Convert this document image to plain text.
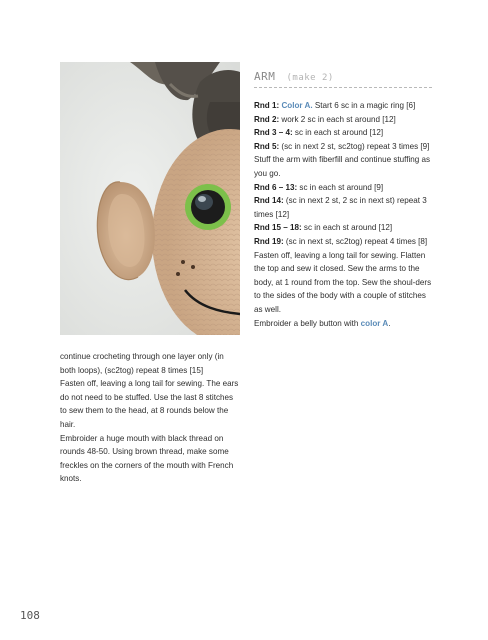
ARM (make 2)

Rnd 1: Color A. Start 6 sc in a magic ring [6]

Rnd 2: work 2 sc in each st around [12]

Rnd 3 – 4: sc in each st around [12]

Rnd 5: (sc in next 2 st, sc2tog) repeat 3 times [9] Stuff the arm with fiberfill and continue stuffing as you go.

Rnd 6 – 13: sc in each st around [9]

Rnd 14: (sc in next 2 st, 2 sc in next st) repeat 3 times [12]

Rnd 15 – 18: sc in each st around [12]

Rnd 19: (sc in next st, sc2tog) repeat 4 times [8] Fasten off, leaving a long tail for sewing. Flatten the top and sew it closed. Sew the arms to the body, at 1 round from the top. Sew the shoul-ders to the sides of the body with a couple of stitches as well.

Embroider a belly button with color A.

continue crocheting through one layer only (in both loops), (sc2tog) repeat 8 times [15]

Fasten off, leaving a long tail for sewing. The ears do not need to be stuffed. Use the last 8 stitches to sew them to the head, at 8 rounds below the hair.

Embroider a huge mouth with black thread on rounds 48-50. Using brown thread, make some freckles on the corners of the mouth with French knots.

108
